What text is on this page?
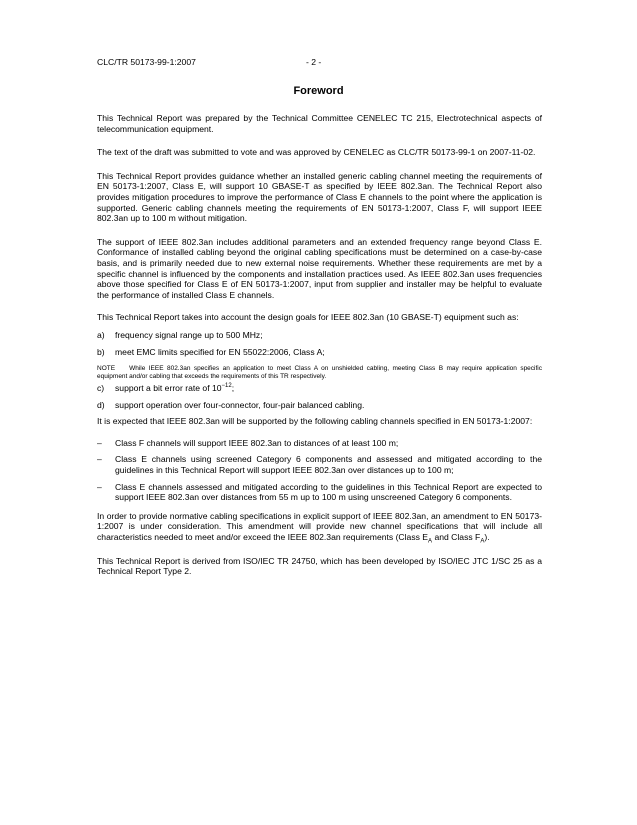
CLC/TR 50173-99-1:2007	- 2 -
Foreword

This Technical Report was prepared by the Technical Committee CENELEC TC 215, Electrotechnical aspects of telecommunication equipment.

The text of the draft was submitted to vote and was approved by CENELEC as CLC/TR 50173-99-1 on 2007-11-02.

This Technical Report provides guidance whether an installed generic cabling channel meeting the requirements of EN 50173-1:2007, Class E, will support 10 GBASE-T as specified by IEEE 802.3an. The Technical Report also provides mitigation procedures to improve the performance of Class E channels to the point where the application is supported. Generic cabling channels meeting the requirements of EN 50173-1:2007, Class F, will support IEEE 802.3an up to 100 m without mitigation.

The support of IEEE 802.3an includes additional parameters and an extended frequency range beyond Class E. Conformance of installed cabling beyond the original cabling specifications must be determined on a case-by-case basis, and is primarily needed due to new external noise requirements. Whether these requirements are met by a specific channel is influenced by the components and installation practices used. As IEEE 802.3an uses frequencies above those specified for Class E of EN 50173-1:2007, input from supplier and installer may be helpful to evaluate the performance of installed Class E channels.

This Technical Report takes into account the design goals for IEEE 802.3an (10 GBASE-T) equipment such as:

a)	frequency signal range up to 500 MHz;
b)	meet EMC limits specified for EN 55022:2006, Class A;
NOTE While IEEE 802.3an specifies an application to meet Class A on unshielded cabling, meeting Class B may require application specific equipment and/or cabling that exceeds the requirements of this TR respectively.
c)	support a bit error rate of $10^{-12}$;
d)	support operation over four-connector, four-pair balanced cabling.

It is expected that IEEE 802.3an will be supported by the following cabling channels specified in EN 50173-1:2007:

–	Class F channels will support IEEE 802.3an to distances of at least 100 m;
–	Class E channels using screened Category 6 components and assessed and mitigated according to the guidelines in this Technical Report will support IEEE 802.3an over distances up to 100 m;
–	Class E channels assessed and mitigated according to the guidelines in this Technical Report are expected to support IEEE 802.3an over distances from 55 m up to 100 m using unscreened Category 6 components.

In order to provide normative cabling specifications in explicit support of IEEE 802.3an, an amendment to EN 50173-1:2007 is under consideration. This amendment will provide new channel specifications that will include all characteristics needed to meet and/or exceed the IEEE 802.3an requirements (Class $E_A$ and Class $F_A$).

This Technical Report is derived from ISO/IEC TR 24750, which has been developed by ISO/IEC JTC 1/SC 25 as a Technical Report Type 2.
